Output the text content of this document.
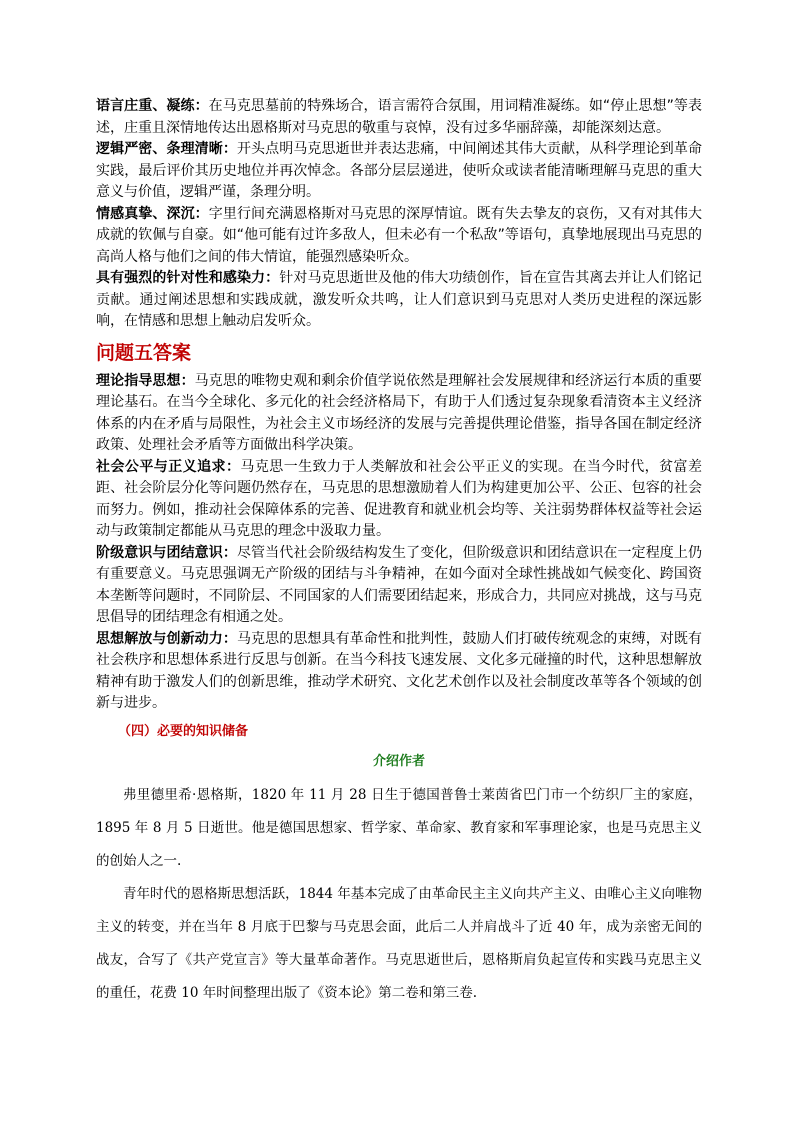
语言庄重、凝练：在马克思墓前的特殊场合，语言需符合氛围，用词精准凝练。如“停止思想”等表述，庄重且深情地传达出恩格斯对马克思的敬重与哀悼，没有过多华丽辞藻，却能深刻达意。

逻辑严密、条理清晰：开头点明马克思逝世并表达悲痛，中间阐述其伟大贡献，从科学理论到革命实践，最后评价其历史地位并再次悼念。各部分层层递进，使听众或读者能清晰理解马克思的重大意义与价值，逻辑严谨，条理分明。

情感真挚、深沉：字里行间充满恩格斯对马克思的深厚情谊。既有失去挚友的哀伤，又有对其伟大成就的钦佩与自豪。如“他可能有过许多敌人，但未必有一个私敌”等语句，真挚地展现出马克思的高尚人格与他们之间的伟大情谊，能强烈感染听众。

具有强烈的针对性和感染力：针对马克思逝世及他的伟大功绩创作，旨在宣告其离去并让人们铭记贡献。通过阐述思想和实践成就，激发听众共鸣，让人们意识到马克思对人类历史进程的深远影响，在情感和思想上触动启发听众。

问题五答案

理论指导思想：马克思的唯物史观和剩余价值学说依然是理解社会发展规律和经济运行本质的重要理论基石。在当今全球化、多元化的社会经济格局下，有助于人们透过复杂现象看清资本主义经济体系的内在矛盾与局限性，为社会主义市场经济的发展与完善提供理论借鉴，指导各国在制定经济政策、处理社会矛盾等方面做出科学决策。

社会公平与正义追求：马克思一生致力于人类解放和社会公平正义的实现。在当今时代，贫富差距、社会阶层分化等问题仍然存在，马克思的思想激励着人们为构建更加公平、公正、包容的社会而努力。例如，推动社会保障体系的完善、促进教育和就业机会均等、关注弱势群体权益等社会运动与政策制定都能从马克思的理念中汲取力量。

阶级意识与团结意识：尽管当代社会阶级结构发生了变化，但阶级意识和团结意识在一定程度上仍有重要意义。马克思强调无产阶级的团结与斗争精神，在如今面对全球性挑战如气候变化、跨国资本垄断等问题时，不同阶层、不同国家的人们需要团结起来，形成合力，共同应对挑战，这与马克思倡导的团结理念有相通之处。

思想解放与创新动力：马克思的思想具有革命性和批判性，鼓励人们打破传统观念的束缚，对既有社会秩序和思想体系进行反思与创新。在当今科技飞速发展、文化多元碰撞的时代，这种思想解放精神有助于激发人们的创新思维，推动学术研究、文化艺术创作以及社会制度改革等各个领域的创新与进步。

（四）必要的知识储备
介绍作者

弗里德里希·恩格斯，1820 年 11 月 28 日生于德国普鲁士莱茵省巴门市一个纺织厂主的家庭，1895 年 8 月 5 日逝世。他是德国思想家、哲学家、革命家、教育家和军事理论家，也是马克思主义的创始人之一.

青年时代的恩格斯思想活跃，1844 年基本完成了由革命民主主义向共产主义、由唯心主义向唯物主义的转变，并在当年 8 月底于巴黎与马克思会面，此后二人并肩战斗了近 40 年，成为亲密无间的战友，合写了《共产党宣言》等大量革命著作。马克思逝世后，恩格斯肩负起宣传和实践马克思主义的重任，花费 10 年时间整理出版了《资本论》第二卷和第三卷.
